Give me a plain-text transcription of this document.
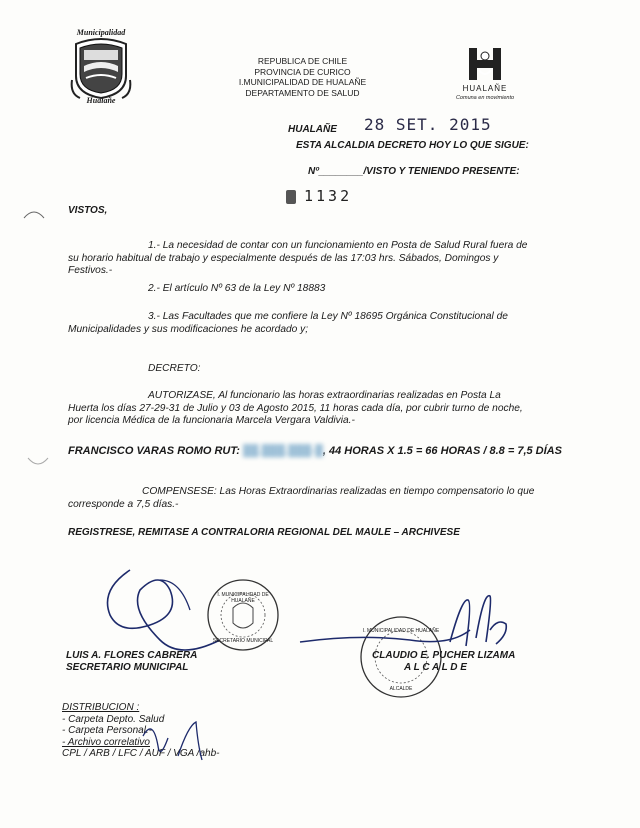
Municipalidad
Hualañe
REPUBLICA DE CHILE
PROVINCIA DE CURICO
I.MUNICIPALIDAD DE HUALAÑE
DEPARTAMENTO DE SALUD	HUALAÑE
Comuna en movimiento
HUALAÑE 28 SET. 2015
ESTA ALCALDIA DECRETO HOY LO QUE SIGUE:
Nº________/VISTO Y TENIENDO PRESENTE:
1132
VISTOS,

1.- La necesidad de contar con un funcionamiento en Posta de Salud Rural fuera de

su horario habitual de trabajo y especialmente después de las 17:03 hrs. Sábados, Domingos y

Festivos.-

2.- El artículo Nº 63 de la Ley Nº 18883

3.- Las Facultades que me confiere la Ley Nº 18695 Orgánica Constitucional de

Municipalidades y sus modificaciones he acordado y;

DECRETO:

AUTORIZASE, Al funcionario las horas extraordinarias realizadas en Posta La

Huerta los días 27-29-31 de Julio y 03 de Agosto 2015, 11 horas cada día, por cubrir turno de noche,

por licencia Médica de la funcionaria Marcela Vergara Valdivia.-

FRANCISCO VARAS ROMO RUT: ██.███.███-█, 44 HORAS X 1.5 = 66 HORAS / 8.8 = 7,5 DÍAS

COMPENSESE: Las Horas Extraordinarias realizadas en tiempo compensatorio lo que

corresponde a 7,5 días.-

REGISTRESE, REMITASE A CONTRALORIA REGIONAL DEL MAULE – ARCHIVESE
I. MUNICIPALIDAD DE HUALAÑE
SECRETARIO MUNICIPAL
I. MUNICIPALIDAD DE HUALAÑE
ALCALDE
LUIS A. FLORES CABRERA
SECRETARIO MUNICIPAL
CLAUDIO E. PUCHER LIZAMA
A L C A L D E
DISTRIBUCION :
- Carpeta Depto. Salud
- Carpeta Personal.-
- Archivo correlativo
CPL / ARB / LFC / AUF / VGA /ahb-
